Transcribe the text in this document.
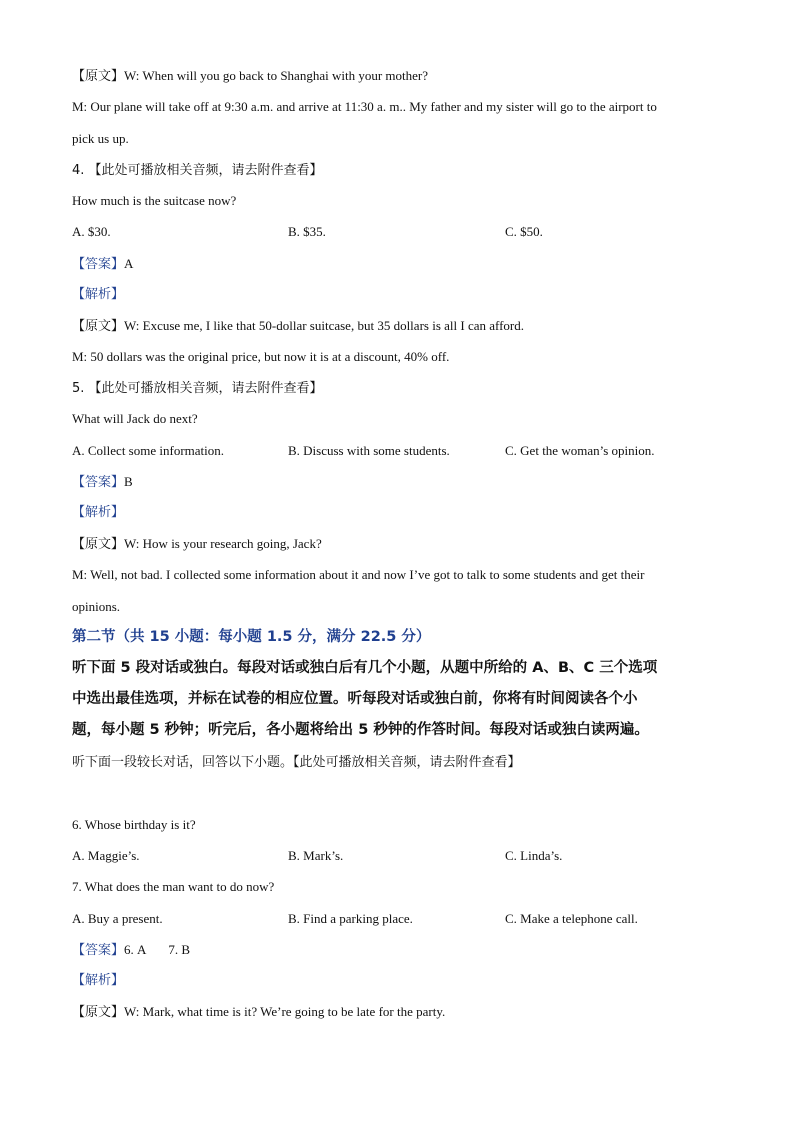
【原文】W: When will you go back to Shanghai with your mother?
M: Our plane will take off at 9:30 a.m. and arrive at 11:30 a. m.. My father and my sister will go to the airport to
pick us up.
4. 【此处可播放相关音频，请去附件查看】
How much is the suitcase now?
A. $30.	B. $35.	C. $50.
【答案】A
【解析】
【原文】W: Excuse me, I like that 50-dollar suitcase, but 35 dollars is all I can afford.
M: 50 dollars was the original price, but now it is at a discount, 40% off.
5. 【此处可播放相关音频，请去附件查看】
What will Jack do next?
A. Collect some information.	B. Discuss with some students.	C. Get the woman’s opinion.
【答案】B
【解析】
【原文】W: How is your research going, Jack?
M: Well, not bad. I collected some information about it and now I’ve got to talk to some students and get their
opinions.
第二节（共 15 小题：每小题 1.5 分，满分 22.5 分）
听下面 5 段对话或独白。每段对话或独白后有几个小题，从题中所给的 A、B、C 三个选项
中选出最佳选项，并标在试卷的相应位置。听每段对话或独白前，你将有时间阅读各个小
题，每小题 5 秒钟；听完后，各小题将给出 5 秒钟的作答时间。每段对话或独白读两遍。
听下面一段较长对话，回答以下小题。【此处可播放相关音频，请去附件查看】
6. Whose birthday is it?
A. Maggie’s.	B. Mark’s.	C. Linda’s.
7. What does the man want to do now?
A. Buy a present.	B. Find a parking place.	C. Make a telephone call.
【答案】6. A       7. B
【解析】
【原文】W: Mark, what time is it? We’re going to be late for the party.
